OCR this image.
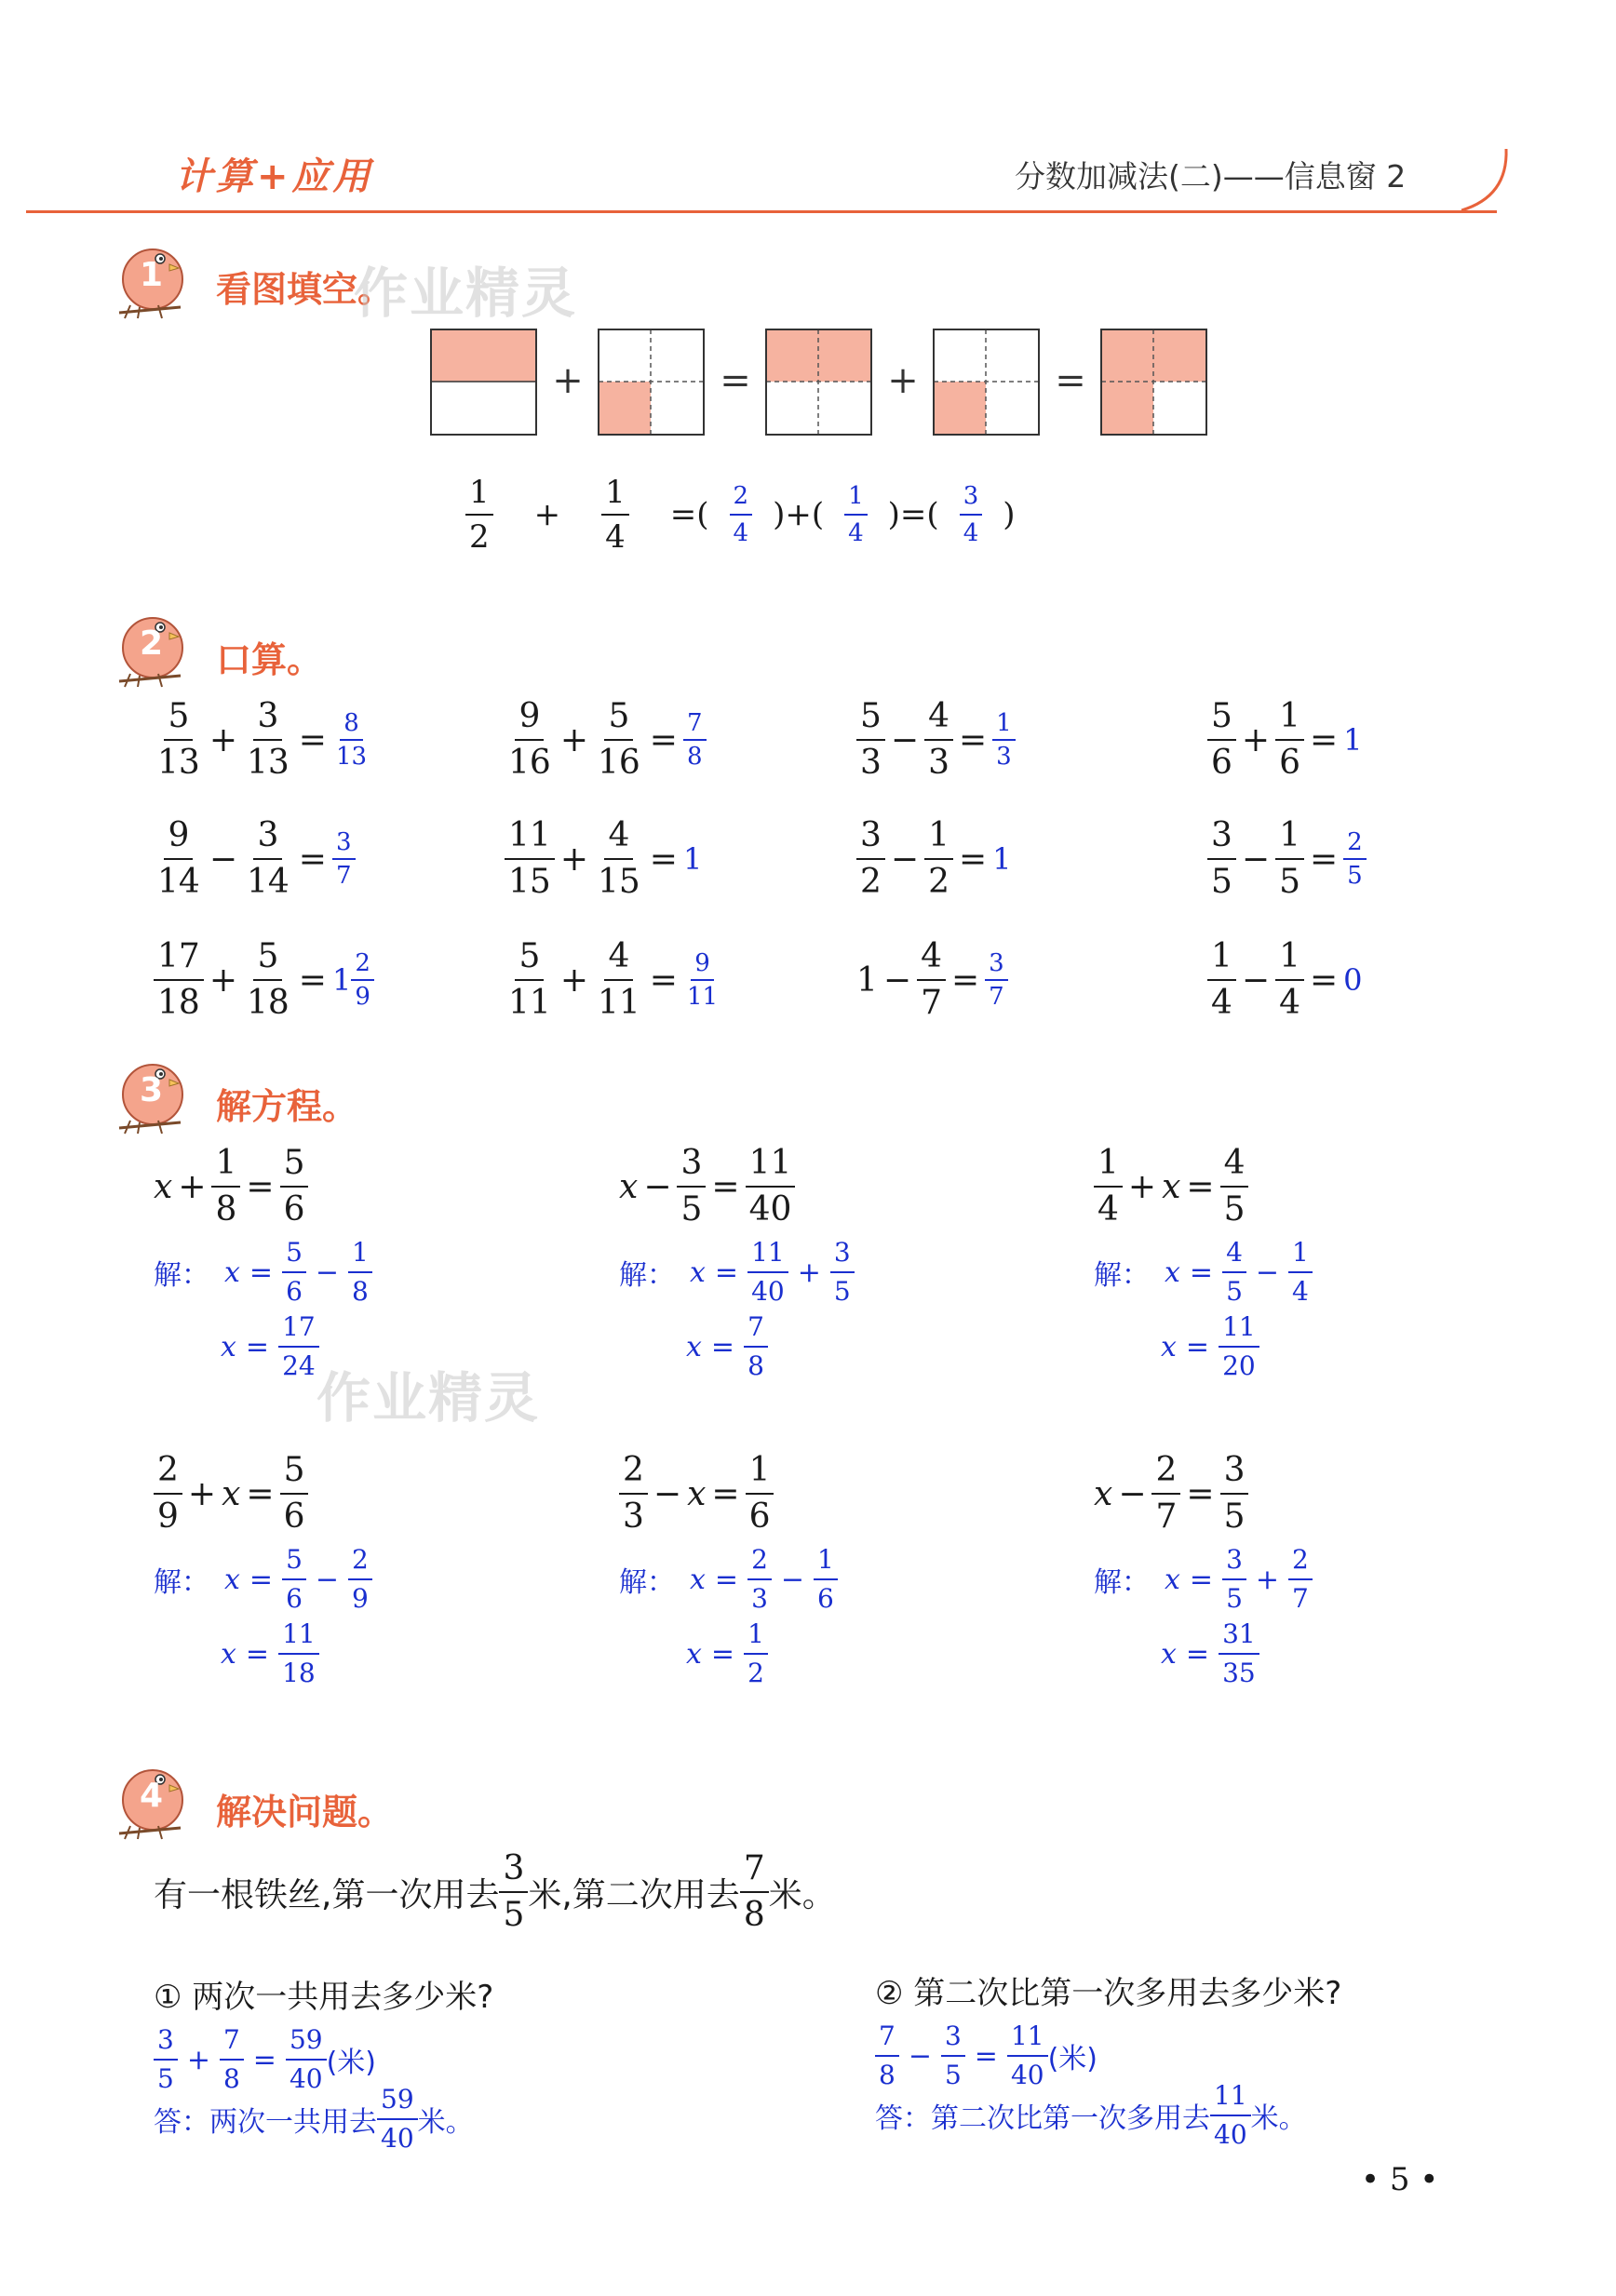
计算+应用	分数加减法(二)——信息窗 2
1 看图填空。
作业精灵
+	=	+	=
$\frac{1}{2} + \frac{1}{4}$ =( $\frac{2}{4}$ )+( $\frac{1}{4}$ )=( $\frac{3}{4}$ )
2 口算。
$\frac{5}{13} + \frac{3}{13} = \frac{8}{13}$	$\frac{9}{16} + \frac{5}{16} = \frac{7}{8}$	$\frac{5}{3} - \frac{4}{3} = \frac{1}{3}$	$\frac{5}{6} + \frac{1}{6} = 1$
$\frac{9}{14} - \frac{3}{14} = \frac{3}{7}$	$\frac{11}{15} + \frac{4}{15} = 1$	$\frac{3}{2} - \frac{1}{2} = 1$	$\frac{3}{5} - \frac{1}{5} = \frac{2}{5}$
$\frac{17}{18} + \frac{5}{18} = 1 \frac{2}{9}$	$\frac{5}{11} + \frac{4}{11} = \frac{9}{11}$	$1 - \frac{4}{7} = \frac{3}{7}$	$\frac{1}{4} - \frac{1}{4} = 0$
3 解方程。
$x + \frac{1}{8} = \frac{5}{6}$
解： $x = \frac{5}{6} - \frac{1}{8}$
$x = \frac{17}{24}$
$x - \frac{3}{5} = \frac{11}{40}$
解： $x = \frac{11}{40} + \frac{3}{5}$
$x = \frac{7}{8}$
$\frac{1}{4} + x = \frac{4}{5}$
解： $x = \frac{4}{5} - \frac{1}{4}$
$x = \frac{11}{20}$
$\frac{2}{9} + x = \frac{5}{6}$
解： $x = \frac{5}{6} - \frac{2}{9}$
$x = \frac{11}{18}$
$\frac{2}{3} - x = \frac{1}{6}$
解： $x = \frac{2}{3} - \frac{1}{6}$
$x = \frac{1}{2}$
$x - \frac{2}{7} = \frac{3}{5}$
解： $x = \frac{3}{5} + \frac{2}{7}$
$x = \frac{31}{35}$
作业精灵
4 解决问题。
有一根铁丝,第一次用去 $\frac{3}{5}$ 米,第二次用去 $\frac{7}{8}$ 米。
① 两次一共用去多少米?	② 第二次比第一次多用去多少米?
$\frac{3}{5} + \frac{7}{8} = \frac{59}{40}$ (米)
答：两次一共用去 $\frac{59}{40}$ 米。
$\frac{7}{8} - \frac{3}{5} = \frac{11}{40}$ (米)
答：第二次比第一次多用去 $\frac{11}{40}$ 米。
• 5 •
